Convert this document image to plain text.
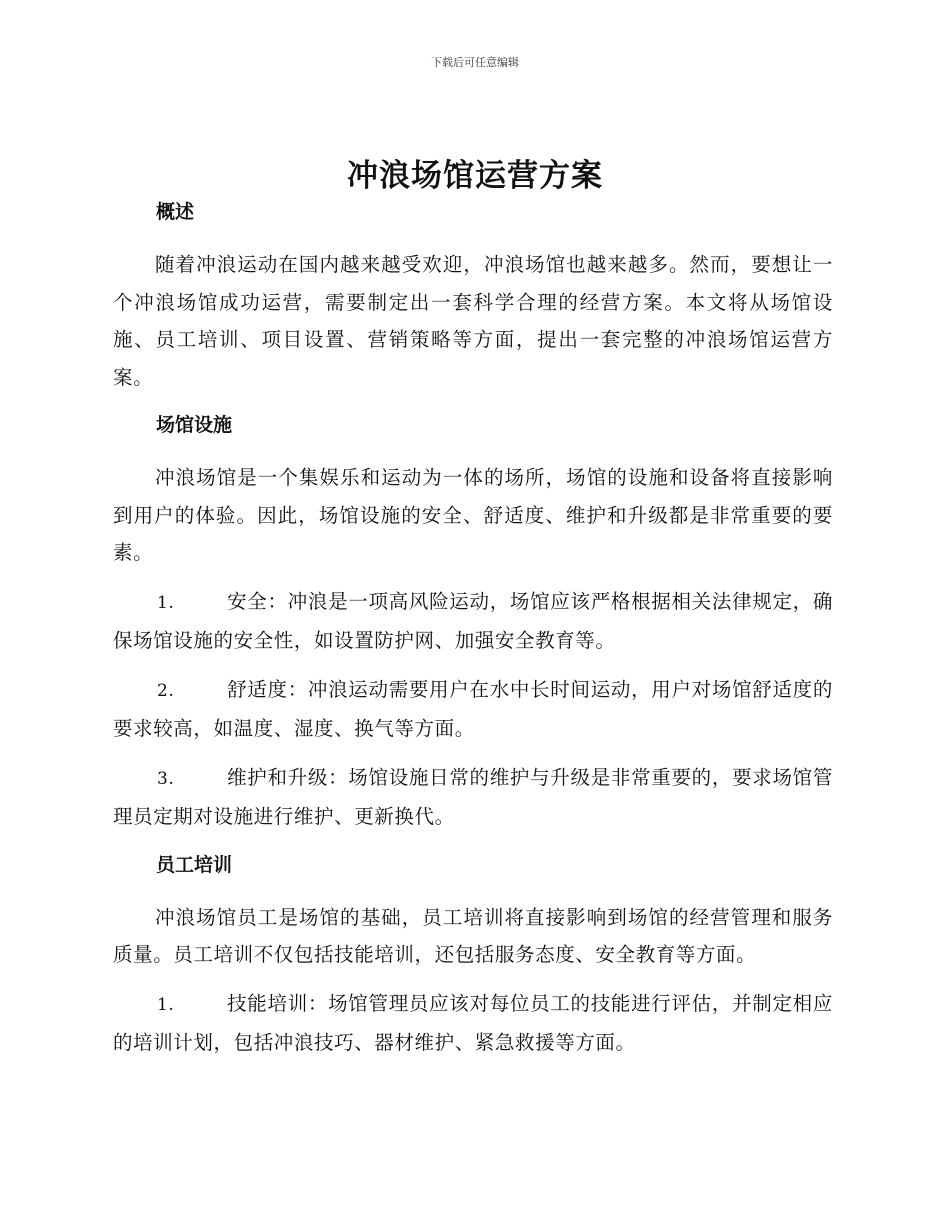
下载后可任意编辑
冲浪场馆运营方案
概述

随着冲浪运动在国内越来越受欢迎，冲浪场馆也越来越多。然而，要想让一个冲浪场馆成功运营，需要制定出一套科学合理的经营方案。本文将从场馆设施、员工培训、项目设置、营销策略等方面，提出一套完整的冲浪场馆运营方案。

场馆设施

冲浪场馆是一个集娱乐和运动为一体的场所，场馆的设施和设备将直接影响到用户的体验。因此，场馆设施的安全、舒适度、维护和升级都是非常重要的要素。

1.	安全：冲浪是一项高风险运动，场馆应该严格根据相关法律规定，确保场馆设施的安全性，如设置防护网、加强安全教育等。

2.	舒适度：冲浪运动需要用户在水中长时间运动，用户对场馆舒适度的要求较高，如温度、湿度、换气等方面。

3.	维护和升级：场馆设施日常的维护与升级是非常重要的，要求场馆管理员定期对设施进行维护、更新换代。

员工培训

冲浪场馆员工是场馆的基础，员工培训将直接影响到场馆的经营管理和服务质量。员工培训不仅包括技能培训，还包括服务态度、安全教育等方面。

1.	技能培训：场馆管理员应该对每位员工的技能进行评估，并制定相应的培训计划，包括冲浪技巧、器材维护、紧急救援等方面。
